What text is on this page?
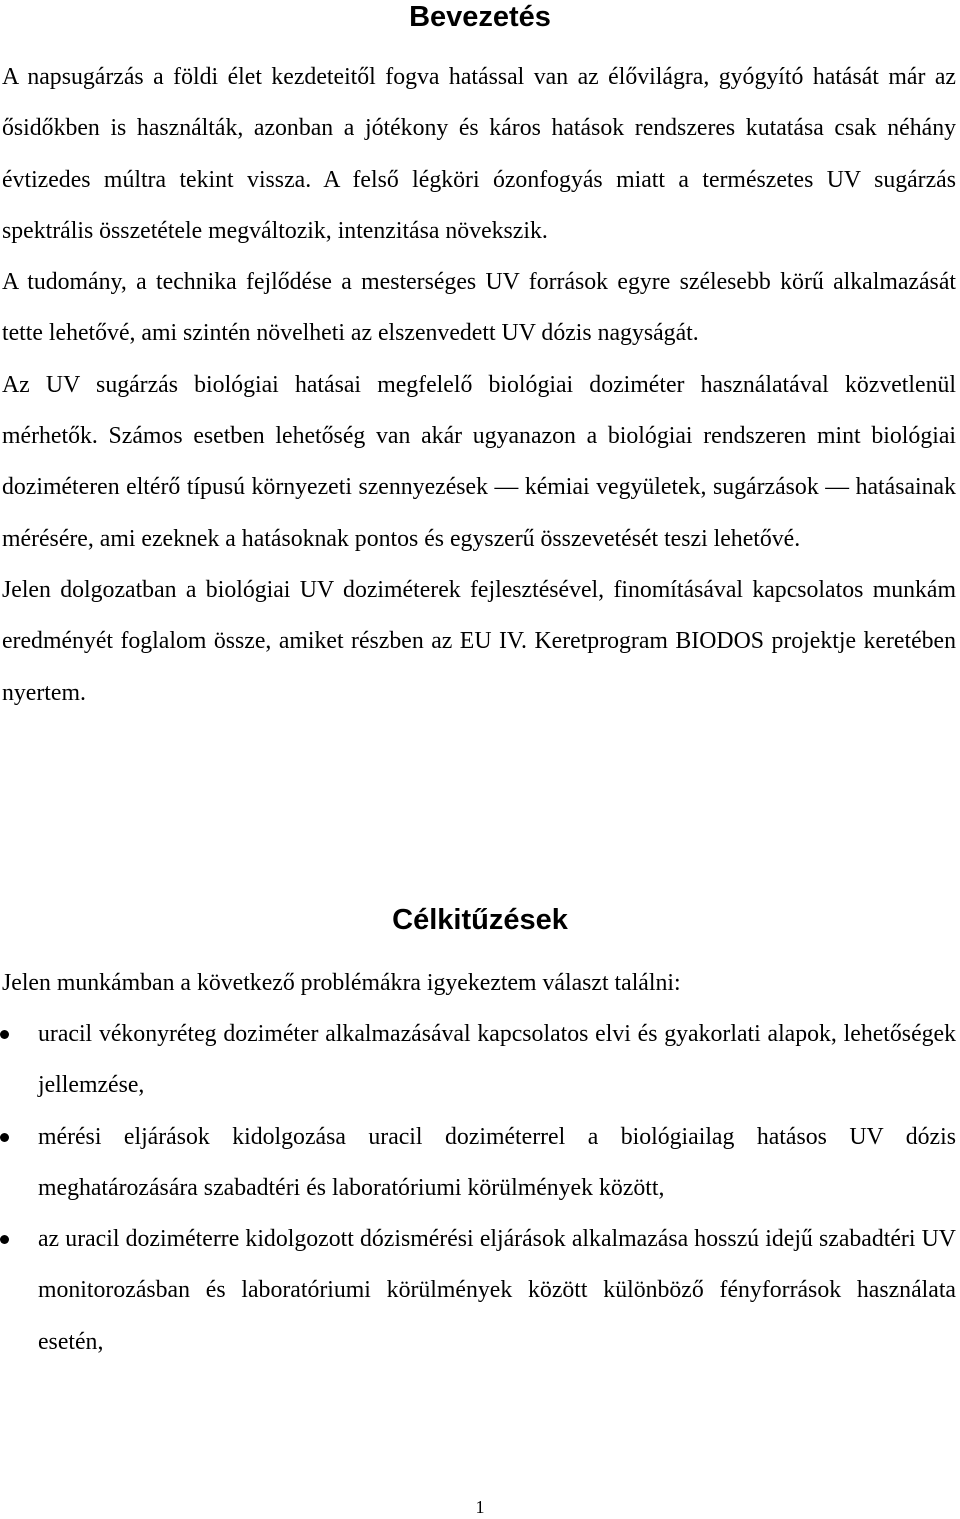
Bevezetés

A napsugárzás a földi élet kezdeteitől fogva hatással van az élővilágra, gyógyító hatását már az ősidőkben is használták, azonban a jótékony és káros hatások rendszeres kutatása csak néhány évtizedes múltra tekint vissza. A felső légköri ózonfogyás miatt a természetes UV sugárzás spektrális összetétele megváltozik, intenzitása növekszik.

A tudomány, a technika fejlődése a mesterséges UV források egyre szélesebb körű alkalmazását tette lehetővé, ami szintén növelheti az elszenvedett UV dózis nagyságát.

Az UV sugárzás biológiai hatásai megfelelő biológiai doziméter használatával közvetlenül mérhetők. Számos esetben lehetőség van akár ugyanazon a biológiai rendszeren mint biológiai doziméteren eltérő típusú környezeti szennyezések — kémiai vegyületek, sugárzások — hatásainak mérésére, ami ezeknek a hatásoknak pontos és egyszerű összevetését teszi lehetővé.

Jelen dolgozatban a biológiai UV doziméterek fejlesztésével, finomításával kapcsolatos munkám eredményét foglalom össze, amiket részben az EU IV. Keretprogram BIODOS projektje keretében nyertem.

Célkitűzések

Jelen munkámban a következő problémákra igyekeztem választ találni:

uracil vékonyréteg doziméter alkalmazásával kapcsolatos elvi és gyakorlati alapok, lehetőségek jellemzése,
mérési eljárások kidolgozása uracil doziméterrel a biológiailag hatásos UV dózis meghatározására szabadtéri és laboratóriumi körülmények között,
az uracil doziméterre kidolgozott dózismérési eljárások alkalmazása hosszú idejű szabadtéri UV monitorozásban és laboratóriumi körülmények között különböző fényforrások használata esetén,
1
